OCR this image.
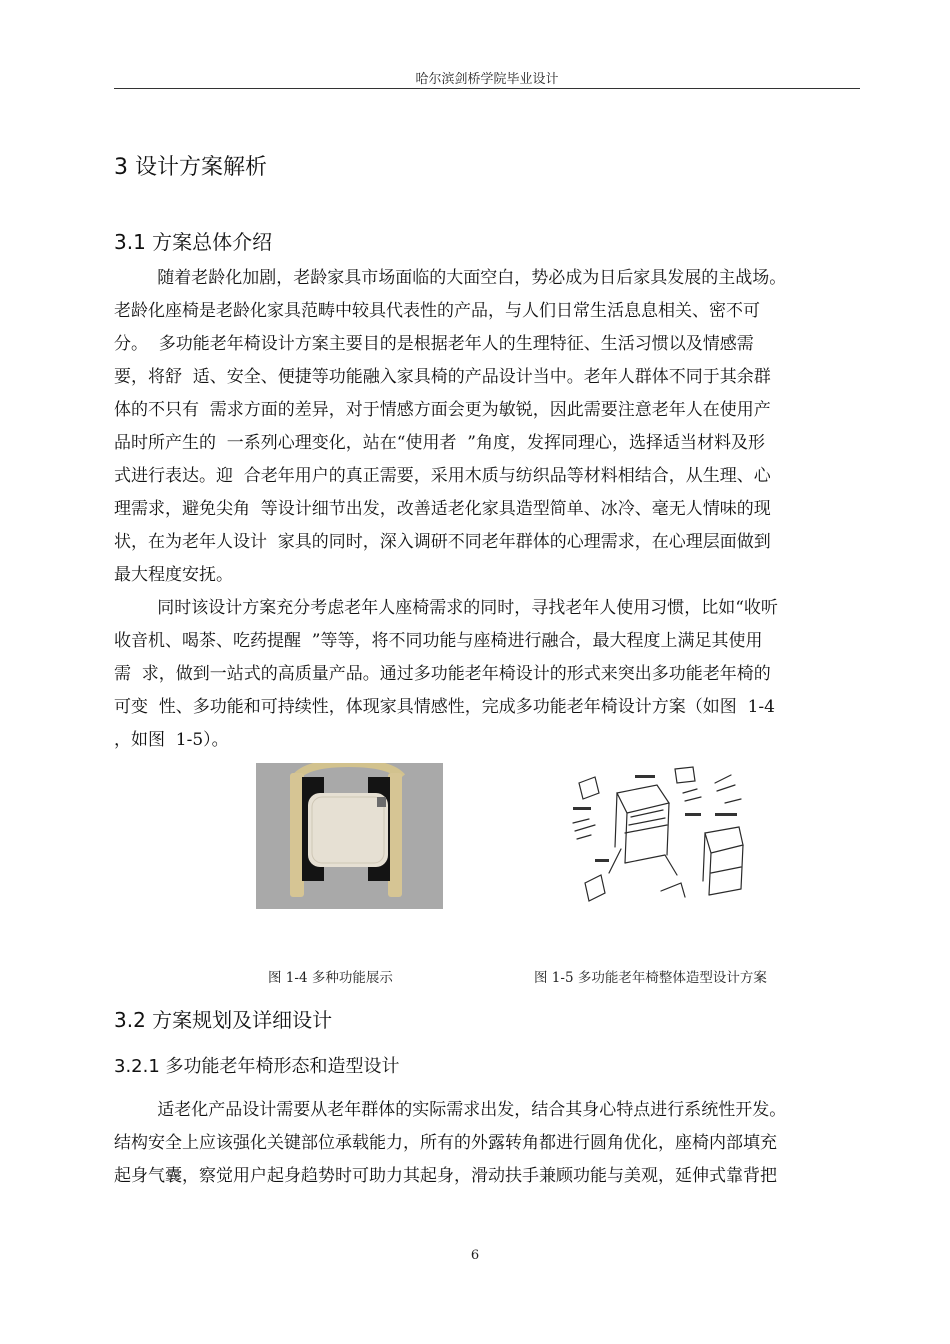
哈尔滨剑桥学院毕业设计
3 设计方案解析
3.1 方案总体介绍
随着老龄化加剧，老龄家具市场面临的大面空白，势必成为日后家具发展的主战场。
老龄化座椅是老龄化家具范畴中较具代表性的产品，与人们日常生活息息相关、密不可
分。  多功能老年椅设计方案主要目的是根据老年人的生理特征、生活习惯以及情感需
要，将舒  适、安全、便捷等功能融入家具椅的产品设计当中。老年人群体不同于其余群
体的不只有  需求方面的差异，对于情感方面会更为敏锐，因此需要注意老年人在使用产
品时所产生的  一系列心理变化，站在“使用者  ”角度，发挥同理心，选择适当材料及形
式进行表达。迎  合老年用户的真正需要，采用木质与纺织品等材料相结合，从生理、心
理需求，避免尖角  等设计细节出发，改善适老化家具造型简单、冰冷、毫无人情味的现
状，在为老年人设计  家具的同时，深入调研不同老年群体的心理需求，在心理层面做到
最大程度安抚。
同时该设计方案充分考虑老年人座椅需求的同时，寻找老年人使用习惯，比如“收听
收音机、喝茶、吃药提醒  ”等等，将不同功能与座椅进行融合，最大程度上满足其使用
需  求，做到一站式的高质量产品。通过多功能老年椅设计的形式来突出多功能老年椅的
可变  性、多功能和可持续性，体现家具情感性，完成多功能老年椅设计方案（如图  1-4
，如图  1-5）。
图 1-4 多种功能展示	图 1-5 多功能老年椅整体造型设计方案
3.2 方案规划及详细设计
3.2.1 多功能老年椅形态和造型设计
适老化产品设计需要从老年群体的实际需求出发，结合其身心特点进行系统性开发。
结构安全上应该强化关键部位承载能力，所有的外露转角都进行圆角优化，座椅内部填充
起身气囊，察觉用户起身趋势时可助力其起身，滑动扶手兼顾功能与美观，延伸式靠背把
6
